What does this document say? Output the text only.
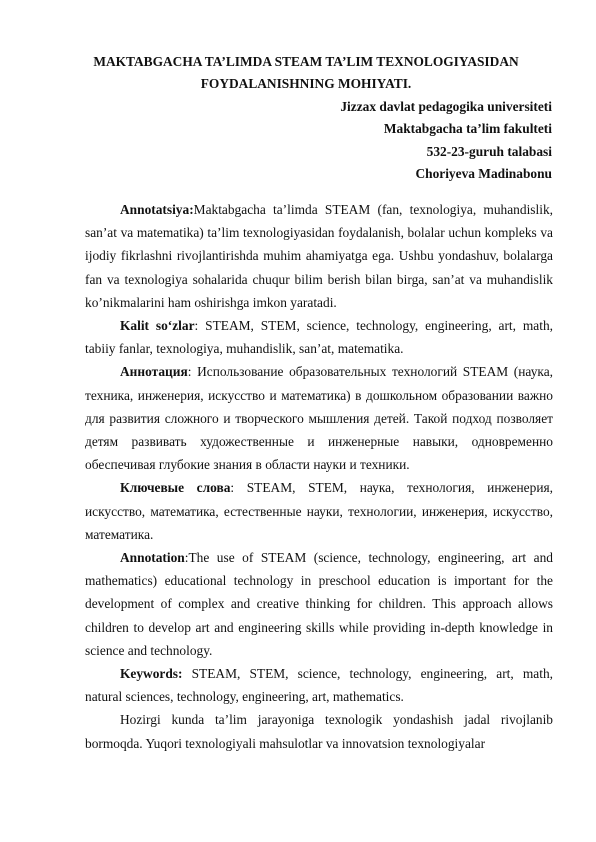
MAKTABGACHA TA’LIMDA STEAM TA’LIM TEXNOLOGIYASIDAN
FOYDALANISHNING MOHIYATI.
Jizzax davlat pedagogika universiteti
Maktabgacha ta’lim fakulteti
532-23-guruh talabasi
Choriyeva Madinabonu

Annotatsiya:Maktabgacha ta’limda STEAM (fan, texnologiya, muhandislik, san’at va matematika) ta’lim texnologiyasidan foydalanish, bolalar uchun kompleks va ijodiy fikrlashni rivojlantirishda muhim ahamiyatga ega. Ushbu yondashuv, bolalarga fan va texnologiya sohalarida chuqur bilim berish bilan birga, san’at va muhandislik ko’nikmalarini ham oshirishga imkon yaratadi.

Kalit so‘zlar: STEAM, STEM, science, technology, engineering, art, math, tabiiy fanlar, texnologiya, muhandislik, san’at, matematika.

Аннотация: Использование образовательных технологий STEAM (наука, техника, инженерия, искусство и математика) в дошкольном образовании важно для развития сложного и творческого мышления детей. Такой подход позволяет детям развивать художественные и инженерные навыки, одновременно обеспечивая глубокие знания в области науки и техники.

Ключевые слова: STEAM, STEM, наука, технология, инженерия, искусство, математика, естественные науки, технологии, инженерия, искусство, математика.

Annotation:The use of STEAM (science, technology, engineering, art and mathematics) educational technology in preschool education is important for the development of complex and creative thinking for children. This approach allows children to develop art and engineering skills while providing in-depth knowledge in science and technology.

Keywords: STEAM, STEM, science, technology, engineering, art, math, natural sciences, technology, engineering, art, mathematics.

Hozirgi kunda ta’lim jarayoniga texnologik yondashish jadal rivojlanib bormoqda. Yuqori texnologiyali mahsulotlar va innovatsion texnologiyalar
